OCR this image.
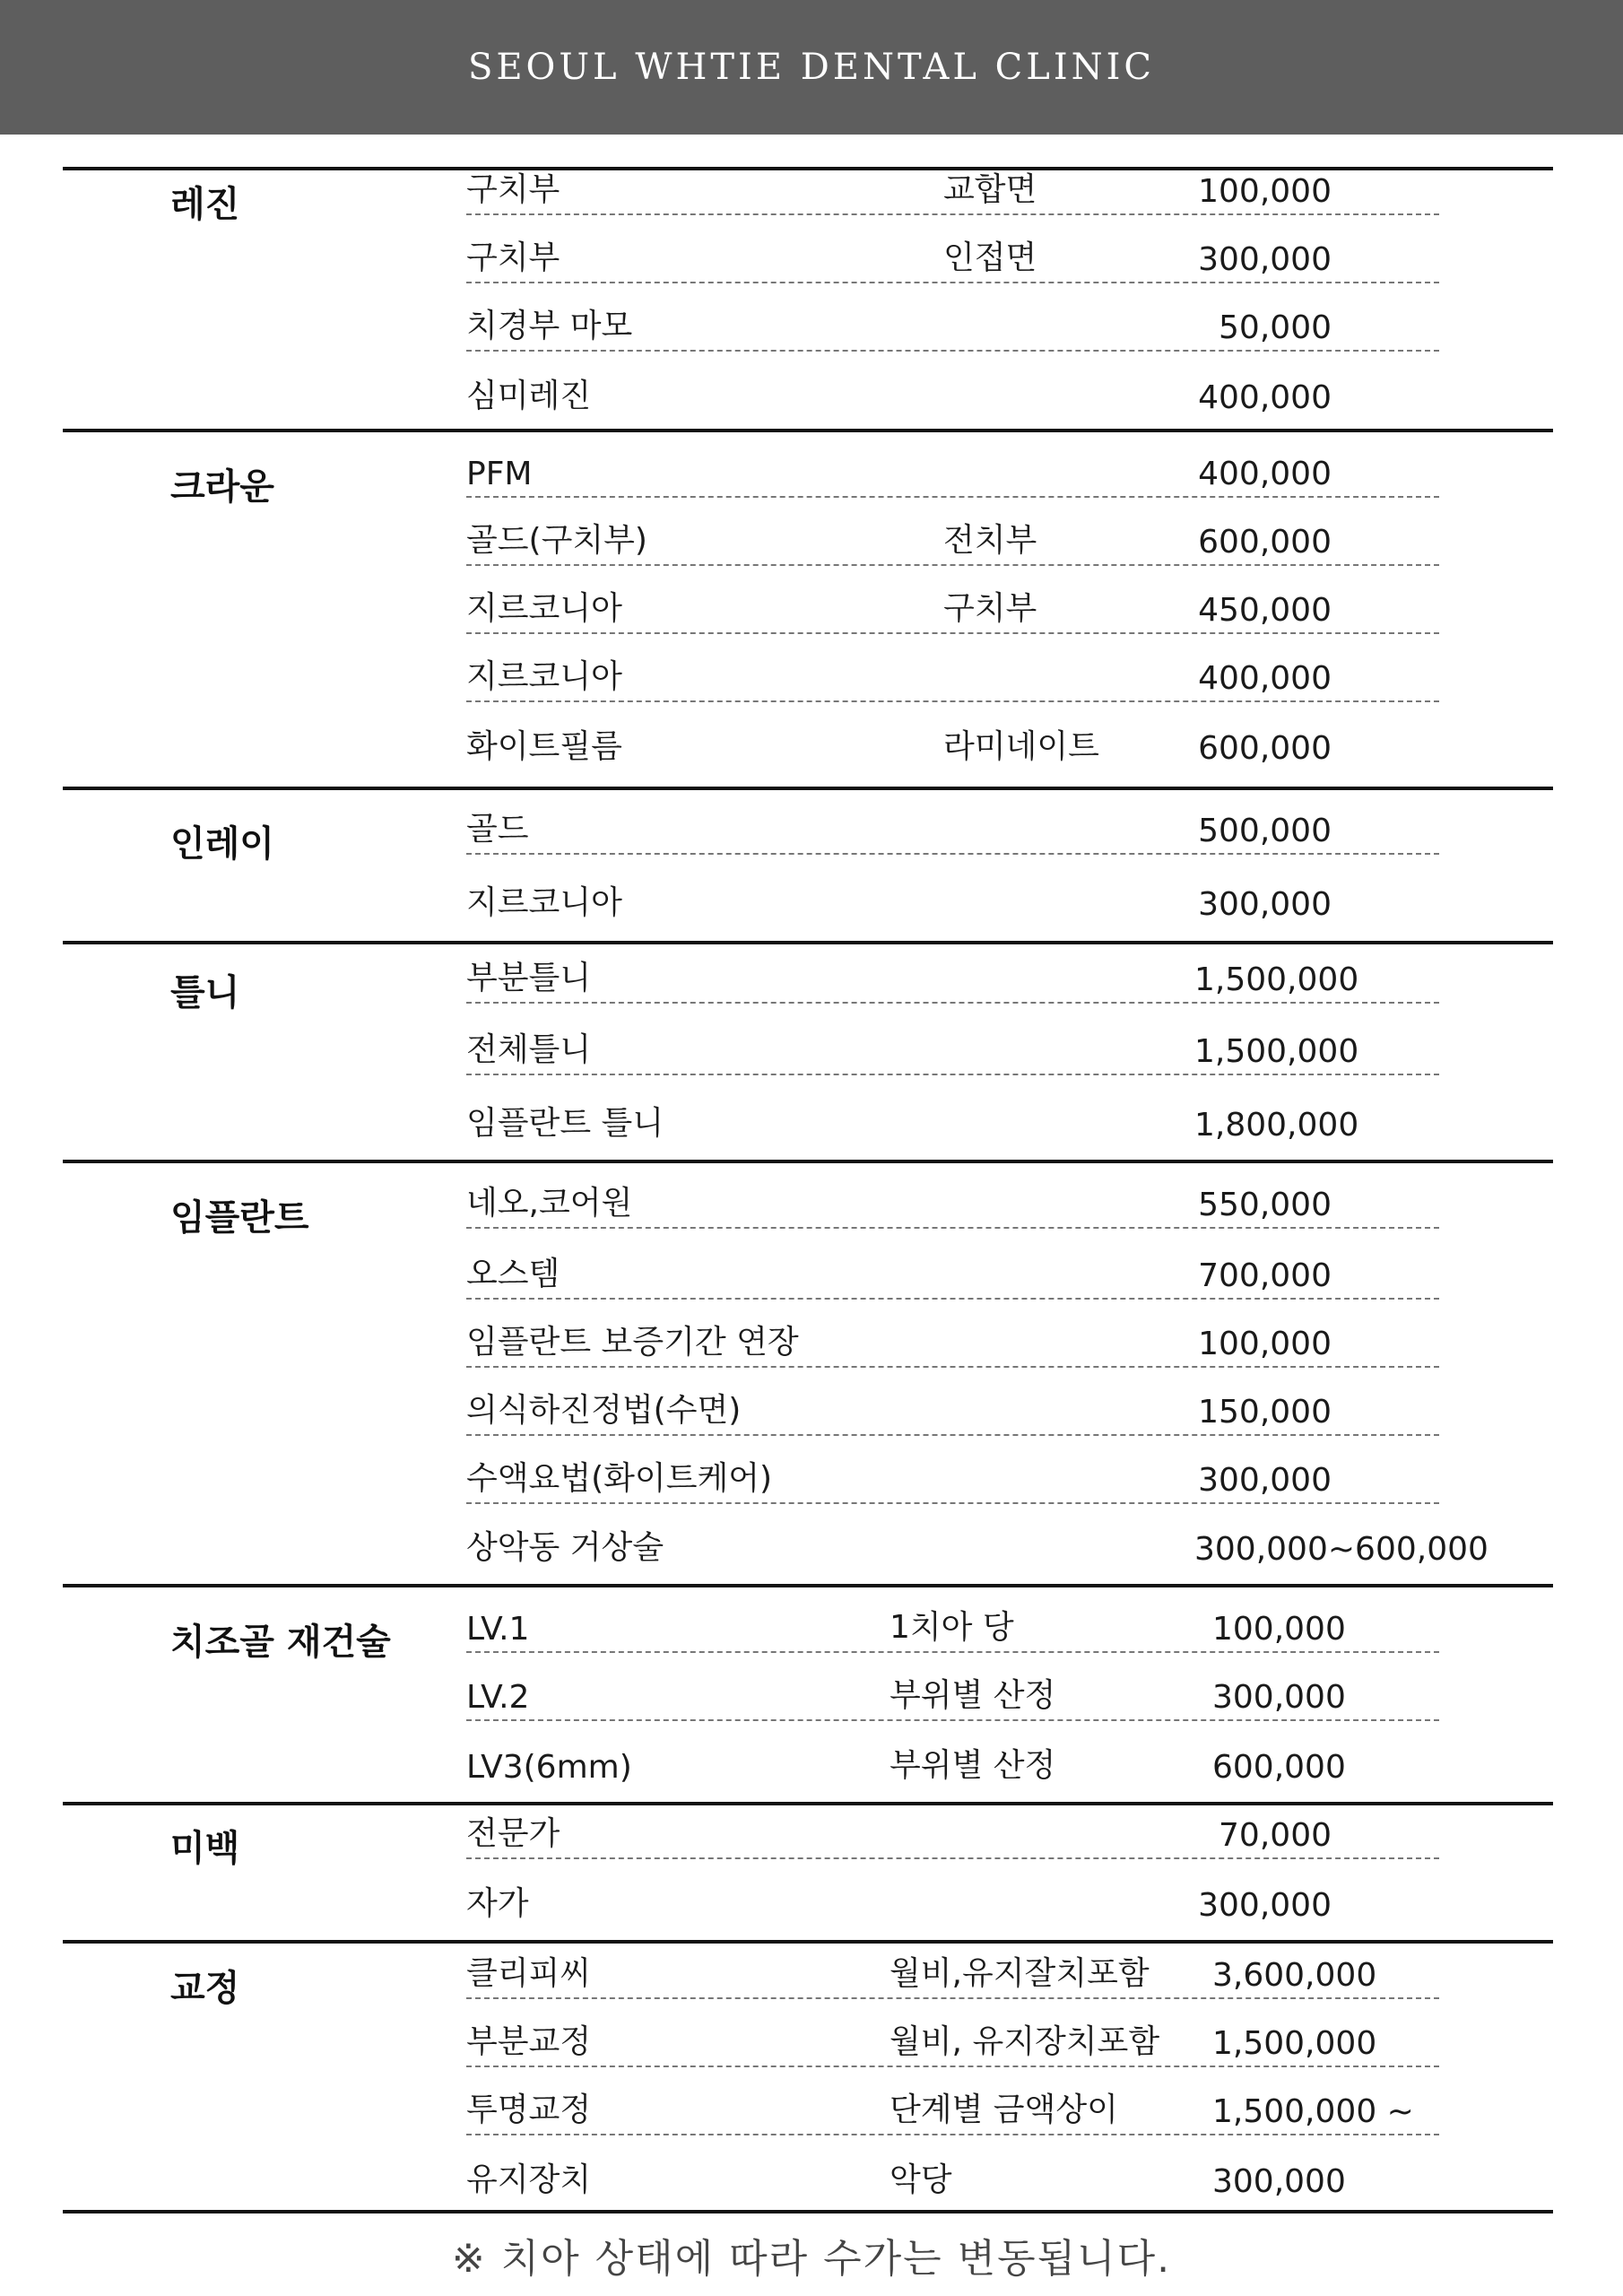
SEOUL WHTIE DENTAL CLINIC
레진	구치부	교합면	100,000
구치부	인접면	300,000
치경부 마모	50,000
심미레진	400,000
크라운	PFM	400,000
골드(구치부)	전치부	600,000
지르코니아	구치부	450,000
지르코니아	400,000
화이트필름	라미네이트	600,000
인레이	골드	500,000
지르코니아	300,000
틀니	부분틀니	1,500,000
전체틀니	1,500,000
임플란트 틀니	1,800,000
임플란트	네오,코어원	550,000
오스템	700,000
임플란트 보증기간 연장	100,000
의식하진정법(수면)	150,000
수액요법(화이트케어)	300,000
상악동 거상술	300,000~600,000
치조골 재건술	LV.1	1치아 당	100,000
LV.2	부위별 산정	300,000
LV3(6mm)	부위별 산정	600,000
미백	전문가	70,000
자가	300,000
교정	클리피씨	월비,유지잘치포함	3,600,000
부분교정	월비, 유지장치포함	1,500,000
투명교정	단계별 금액상이	1,500,000 ~
유지장치	악당	300,000
※ 치아 상태에 따라 수가는 변동됩니다.
